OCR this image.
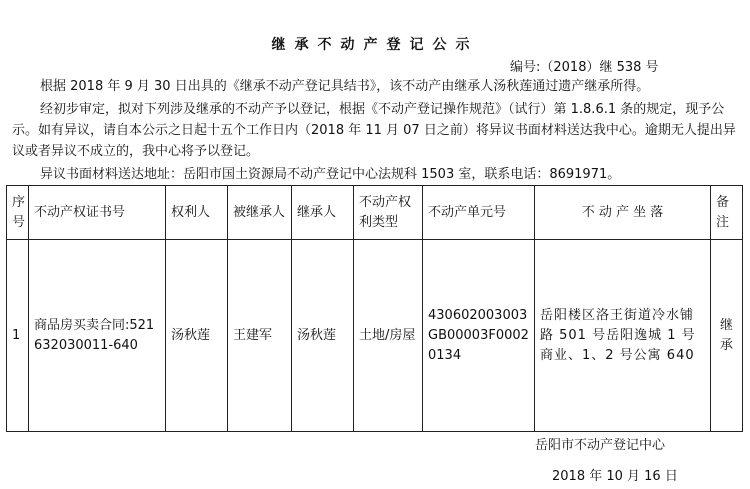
继承不动产登记公示
编号:（2018）继 538 号
根据 2018 年 9 月 30 日出具的《继承不动产登记具结书》，该不动产由继承人汤秋莲通过遗产继承所得。
经初步审定，拟对下列涉及继承的不动产予以登记，根据《不动产登记操作规范》（试行）第 1.8.6.1 条的规定，现予公示。如有异议，请自本公示之日起十五个工作日内（2018 年 11 月 07 日之前）将异议书面材料送达我中心。逾期无人提出异议或者异议不成立的，我中心将予以登记。
异议书面材料送达地址：岳阳市国土资源局不动产登记中心法规科 1503 室，联系电话：8691971。
序号	不动产权证书号	权利人	被继承人	继承人	不动产权利类型	不动产单元号	不 动 产 坐 落	备注
1	商品房买卖合同:521632030011-640	汤秋莲	王建军	汤秋莲	土地/房屋	430602003003GB00003F00020134	岳阳楼区洛王街道冷水铺路 501 号岳阳逸城 1 号商业、1、2 号公寓 640	继承
岳阳市不动产登记中心
2018 年 10 月 16 日
